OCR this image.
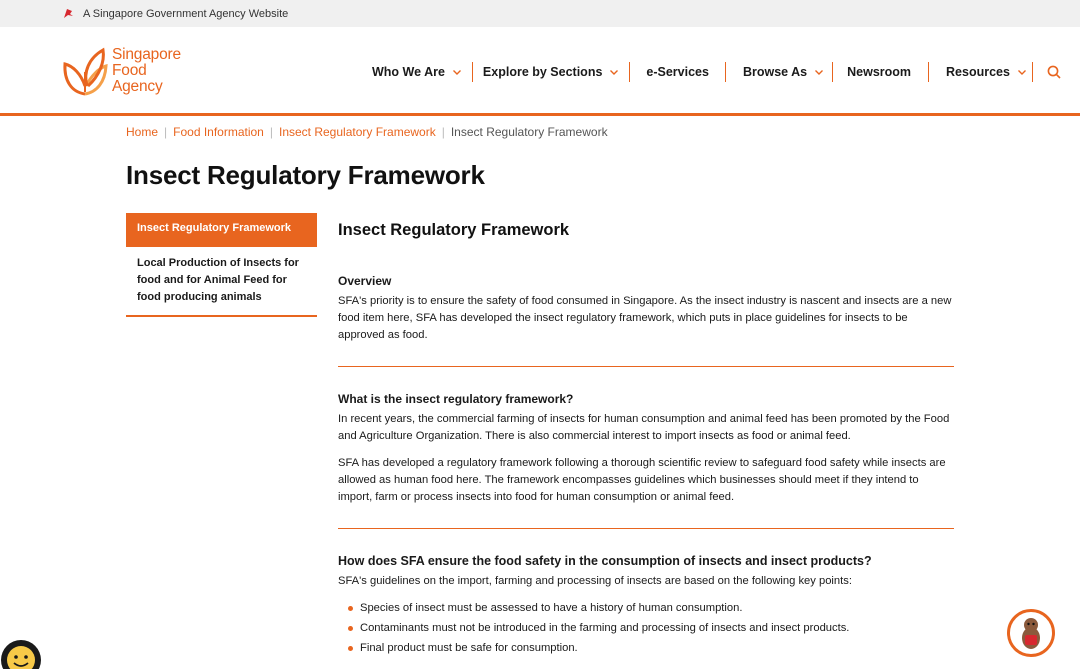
A Singapore Government Agency Website
Singapore
Food
Agency
Who We Are	Explore by Sections	e-Services	Browse As	Newsroom	Resources
Home | Food Information | Insect Regulatory Framework | Insect Regulatory Framework
Insect Regulatory Framework
Insect Regulatory Framework
Local Production of Insects for food and for Animal Feed for food producing animals
Insect Regulatory Framework
Overview

SFA's priority is to ensure the safety of food consumed in Singapore. As the insect industry is nascent and insects are a new food item here, SFA has developed the insect regulatory framework, which puts in place guidelines for insects to be approved as food.

What is the insect regulatory framework?

In recent years, the commercial farming of insects for human consumption and animal feed has been promoted by the Food and Agriculture Organization. There is also commercial interest to import insects as food or animal feed.

SFA has developed a regulatory framework following a thorough scientific review to safeguard food safety while insects are allowed as human food here. The framework encompasses guidelines which businesses should meet if they intend to import, farm or process insects into food for human consumption or animal feed.

How does SFA ensure the food safety in the consumption of insects and insect products?

SFA's guidelines on the import, farming and processing of insects are based on the following key points:

Species of insect must be assessed to have a history of human consumption.
Contaminants must not be introduced in the farming and processing of insects and insect products.
Final product must be safe for consumption.
